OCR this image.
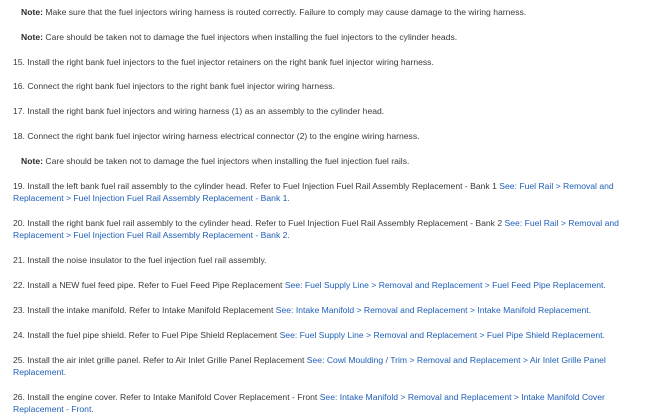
Note: Make sure that the fuel injectors wiring harness is routed correctly. Failure to comply may cause damage to the wiring harness.
Note: Care should be taken not to damage the fuel injectors when installing the fuel injectors to the cylinder heads.
15. Install the right bank fuel injectors to the fuel injector retainers on the right bank fuel injector wiring harness.
16. Connect the right bank fuel injectors to the right bank fuel injector wiring harness.
17. Install the right bank fuel injectors and wiring harness (1) as an assembly to the cylinder head.
18. Connect the right bank fuel injector wiring harness electrical connector (2) to the engine wiring harness.
Note: Care should be taken not to damage the fuel injectors when installing the fuel injection fuel rails.
19. Install the left bank fuel rail assembly to the cylinder head. Refer to Fuel Injection Fuel Rail Assembly Replacement - Bank 1 See: Fuel Rail > Removal and Replacement > Fuel Injection Fuel Rail Assembly Replacement - Bank 1.
20. Install the right bank fuel rail assembly to the cylinder head. Refer to Fuel Injection Fuel Rail Assembly Replacement - Bank 2 See: Fuel Rail > Removal and Replacement > Fuel Injection Fuel Rail Assembly Replacement - Bank 2.
21. Install the noise insulator to the fuel injection fuel rail assembly.
22. Install a NEW fuel feed pipe. Refer to Fuel Feed Pipe Replacement See: Fuel Supply Line > Removal and Replacement > Fuel Feed Pipe Replacement.
23. Install the intake manifold. Refer to Intake Manifold Replacement See: Intake Manifold > Removal and Replacement > Intake Manifold Replacement.
24. Install the fuel pipe shield. Refer to Fuel Pipe Shield Replacement See: Fuel Supply Line > Removal and Replacement > Fuel Pipe Shield Replacement.
25. Install the air inlet grille panel. Refer to Air Inlet Grille Panel Replacement See: Cowl Moulding / Trim > Removal and Replacement > Air Inlet Grille Panel Replacement.
26. Install the engine cover. Refer to Intake Manifold Cover Replacement - Front See: Intake Manifold > Removal and Replacement > Intake Manifold Cover Replacement - Front.
